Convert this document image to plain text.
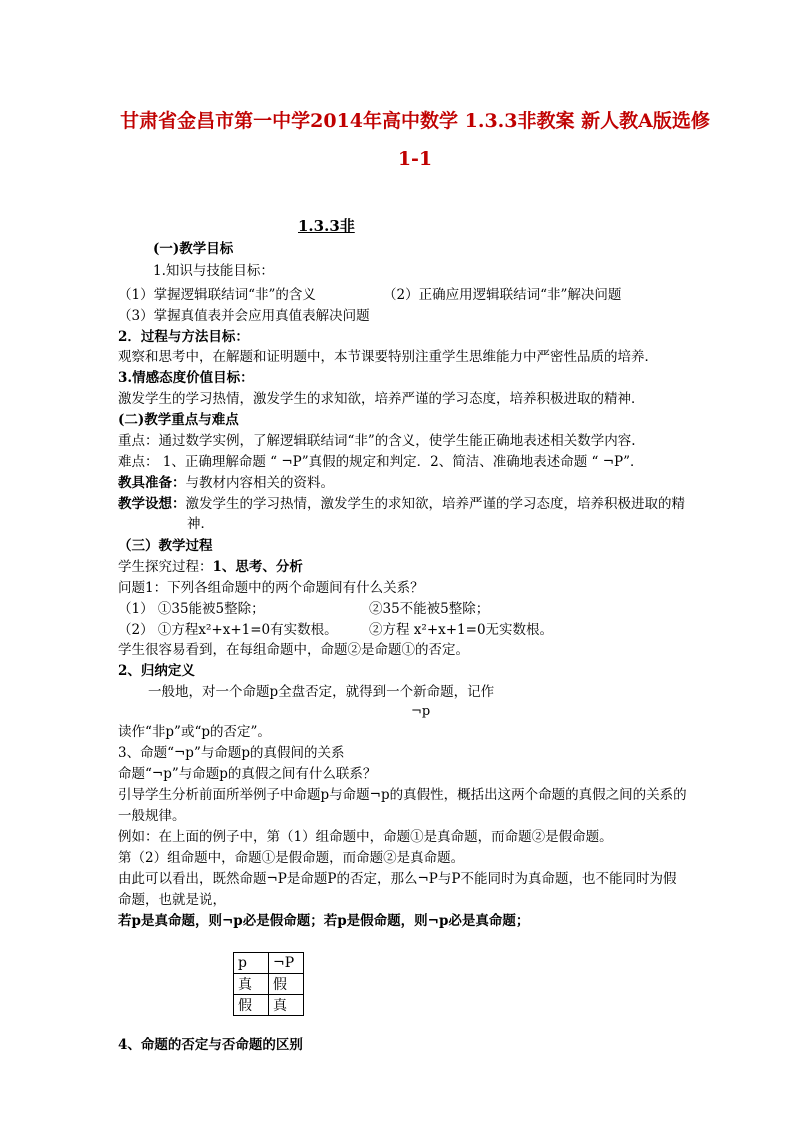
甘肃省金昌市第一中学2014年高中数学 1.3.3非教案 新人教A版选修
1-1
1.3.3非
(一)教学目标
1.知识与技能目标：
（1）掌握逻辑联结词“非”的含义	（2）正确应用逻辑联结词“非”解决问题
（3）掌握真值表并会应用真值表解决问题
2．过程与方法目标：
观察和思考中，在解题和证明题中，本节课要特别注重学生思维能力中严密性品质的培养．
3.情感态度价值目标：
激发学生的学习热情，激发学生的求知欲，培养严谨的学习态度，培养积极进取的精神．
(二)教学重点与难点
重点：通过数学实例，了解逻辑联结词“非”的含义，使学生能正确地表述相关数学内容.
难点： 1、正确理解命题 “ ¬P”真假的规定和判定．2、简洁、准确地表述命题 “ ¬P”．
教具准备：与教材内容相关的资料。
教学设想：激发学生的学习热情，激发学生的求知欲，培养严谨的学习态度，培养积极进取的精
神．
（三）教学过程
学生探究过程：1、思考、分析
问题1：下列各组命题中的两个命题间有什么关系？
（1） ①35能被5整除；	②35不能被5整除；
（2） ①方程x²+x+1=0有实数根。 ②方程 x²+x+1=0无实数根。
学生很容易看到，在每组命题中，命题②是命题①的否定。
2、归纳定义
一般地，对一个命题p全盘否定，就得到一个新命题，记作
¬p
读作“非p”或“p的否定”。
3、命题“¬p”与命题p的真假间的关系
命题“¬p”与命题p的真假之间有什么联系？
引导学生分析前面所举例子中命题p与命题¬p的真假性，概括出这两个命题的真假之间的关系的
一般规律。
例如：在上面的例子中，第（1）组命题中，命题①是真命题，而命题②是假命题。
第（2）组命题中，命题①是假命题，而命题②是真命题。
由此可以看出，既然命题¬P是命题P的否定，那么¬P与P不能同时为真命题，也不能同时为假
命题，也就是说，
若p是真命题，则¬p必是假命题；若p是假命题，则¬p必是真命题；
p	¬P
真	假
假	真
4、命题的否定与否命题的区别
